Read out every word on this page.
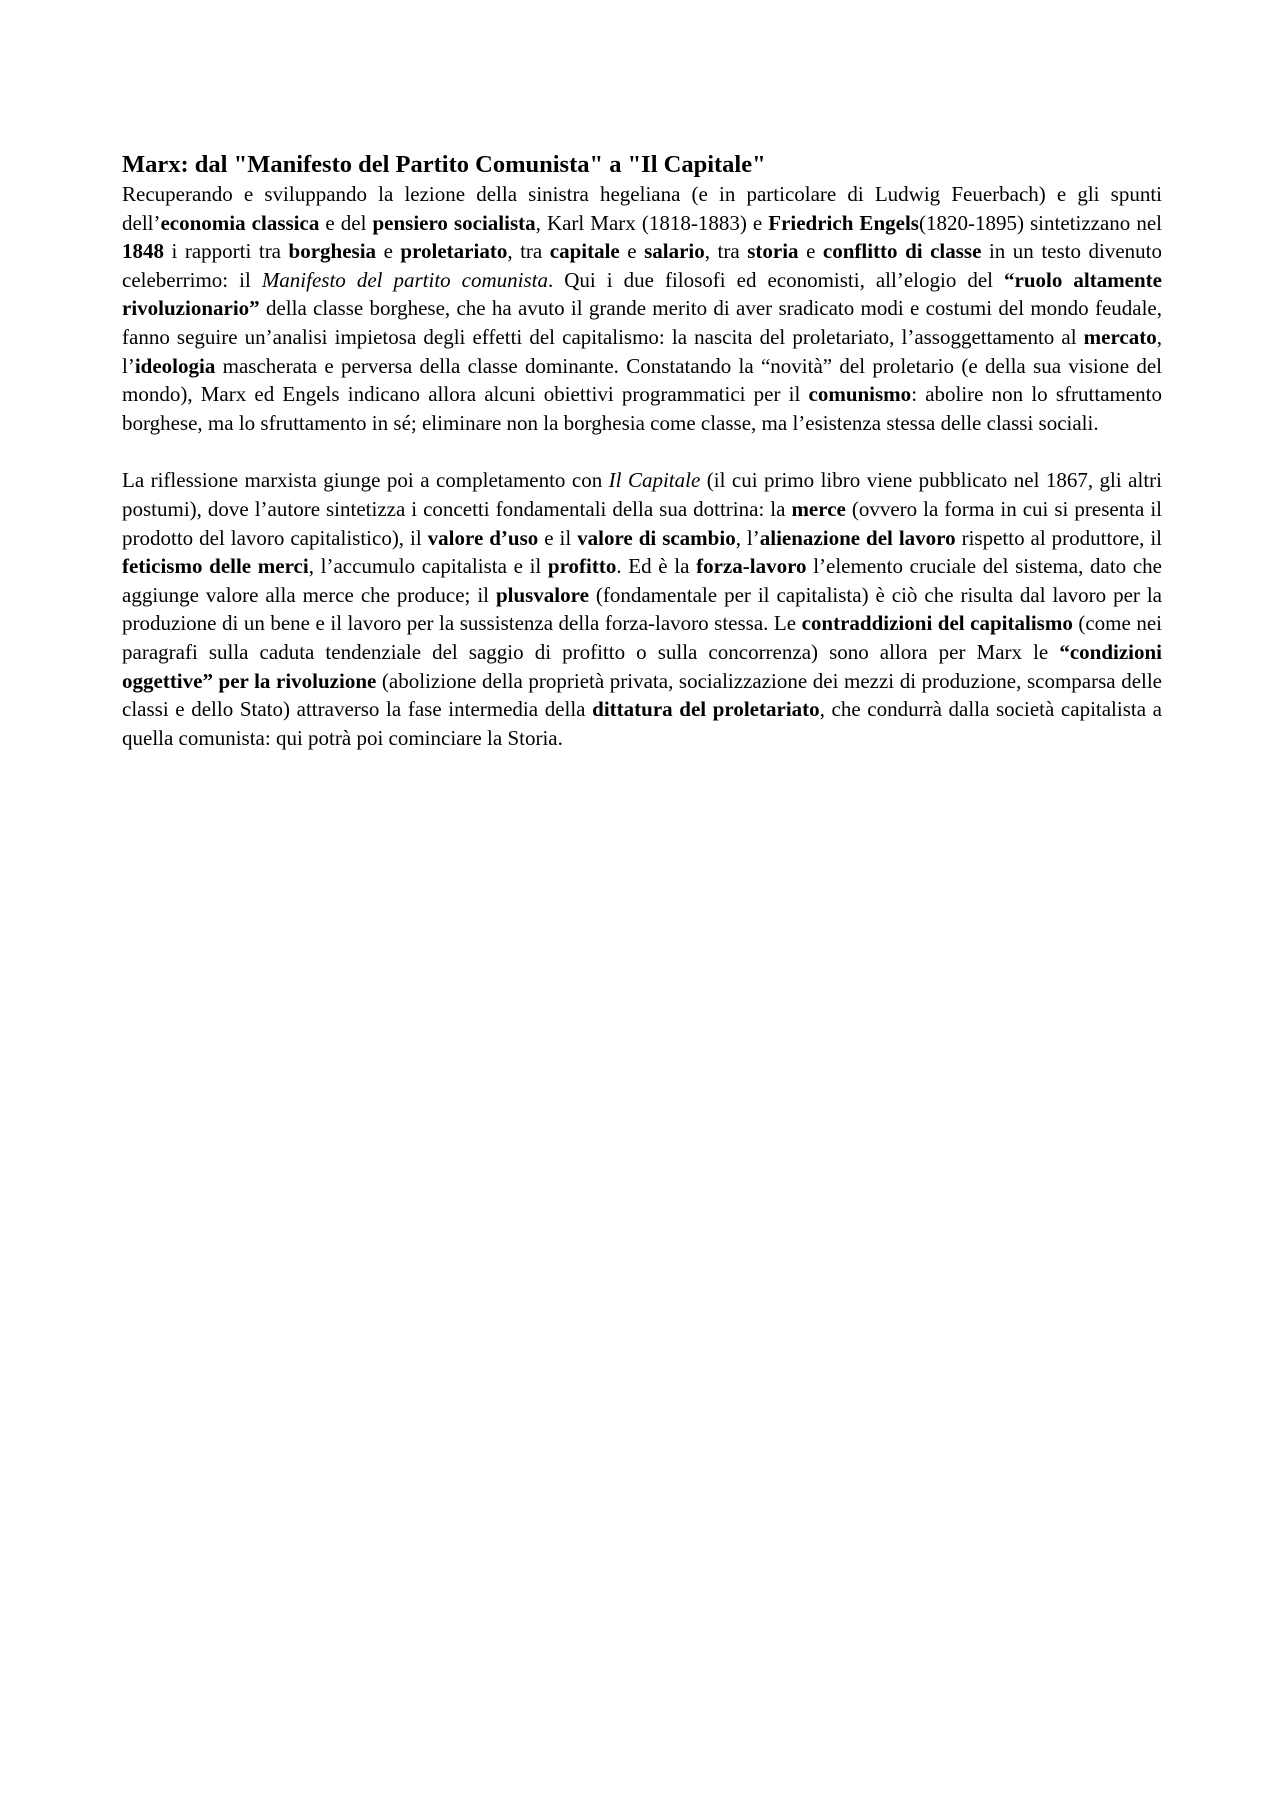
Marx: dal "Manifesto del Partito Comunista" a "Il Capitale"

Recuperando e sviluppando la lezione della sinistra hegeliana (e in particolare di Ludwig Feuerbach) e gli spunti dell’economia classica e del pensiero socialista, Karl Marx (1818-1883) e Friedrich Engels(1820-1895) sintetizzano nel 1848 i rapporti tra borghesia e proletariato, tra capitale e salario, tra storia e conflitto di classe in un testo divenuto celeberrimo: il Manifesto del partito comunista. Qui i due filosofi ed economisti, all’elogio del “ruolo altamente rivoluzionario” della classe borghese, che ha avuto il grande merito di aver sradicato modi e costumi del mondo feudale, fanno seguire un’analisi impietosa degli effetti del capitalismo: la nascita del proletariato, l’assoggettamento al mercato, l’ideologia mascherata e perversa della classe dominante. Constatando la “novità” del proletario (e della sua visione del mondo), Marx ed Engels indicano allora alcuni obiettivi programmatici per il comunismo: abolire non lo sfruttamento borghese, ma lo sfruttamento in sé; eliminare non la borghesia come classe, ma l’esistenza stessa delle classi sociali.

La riflessione marxista giunge poi a completamento con Il Capitale (il cui primo libro viene pubblicato nel 1867, gli altri postumi), dove l’autore sintetizza i concetti fondamentali della sua dottrina: la merce (ovvero la forma in cui si presenta il prodotto del lavoro capitalistico), il valore d’uso e il valore di scambio, l’alienazione del lavoro rispetto al produttore, il feticismo delle merci, l’accumulo capitalista e il profitto. Ed è la forza-lavoro l’elemento cruciale del sistema, dato che aggiunge valore alla merce che produce; il plusvalore (fondamentale per il capitalista) è ciò che risulta dal lavoro per la produzione di un bene e il lavoro per la sussistenza della forza-lavoro stessa. Le contraddizioni del capitalismo (come nei paragrafi sulla caduta tendenziale del saggio di profitto o sulla concorrenza) sono allora per Marx le “condizioni oggettive” per la rivoluzione (abolizione della proprietà privata, socializzazione dei mezzi di produzione, scomparsa delle classi e dello Stato) attraverso la fase intermedia della dittatura del proletariato, che condurrà dalla società capitalista a quella comunista: qui potrà poi cominciare la Storia.
